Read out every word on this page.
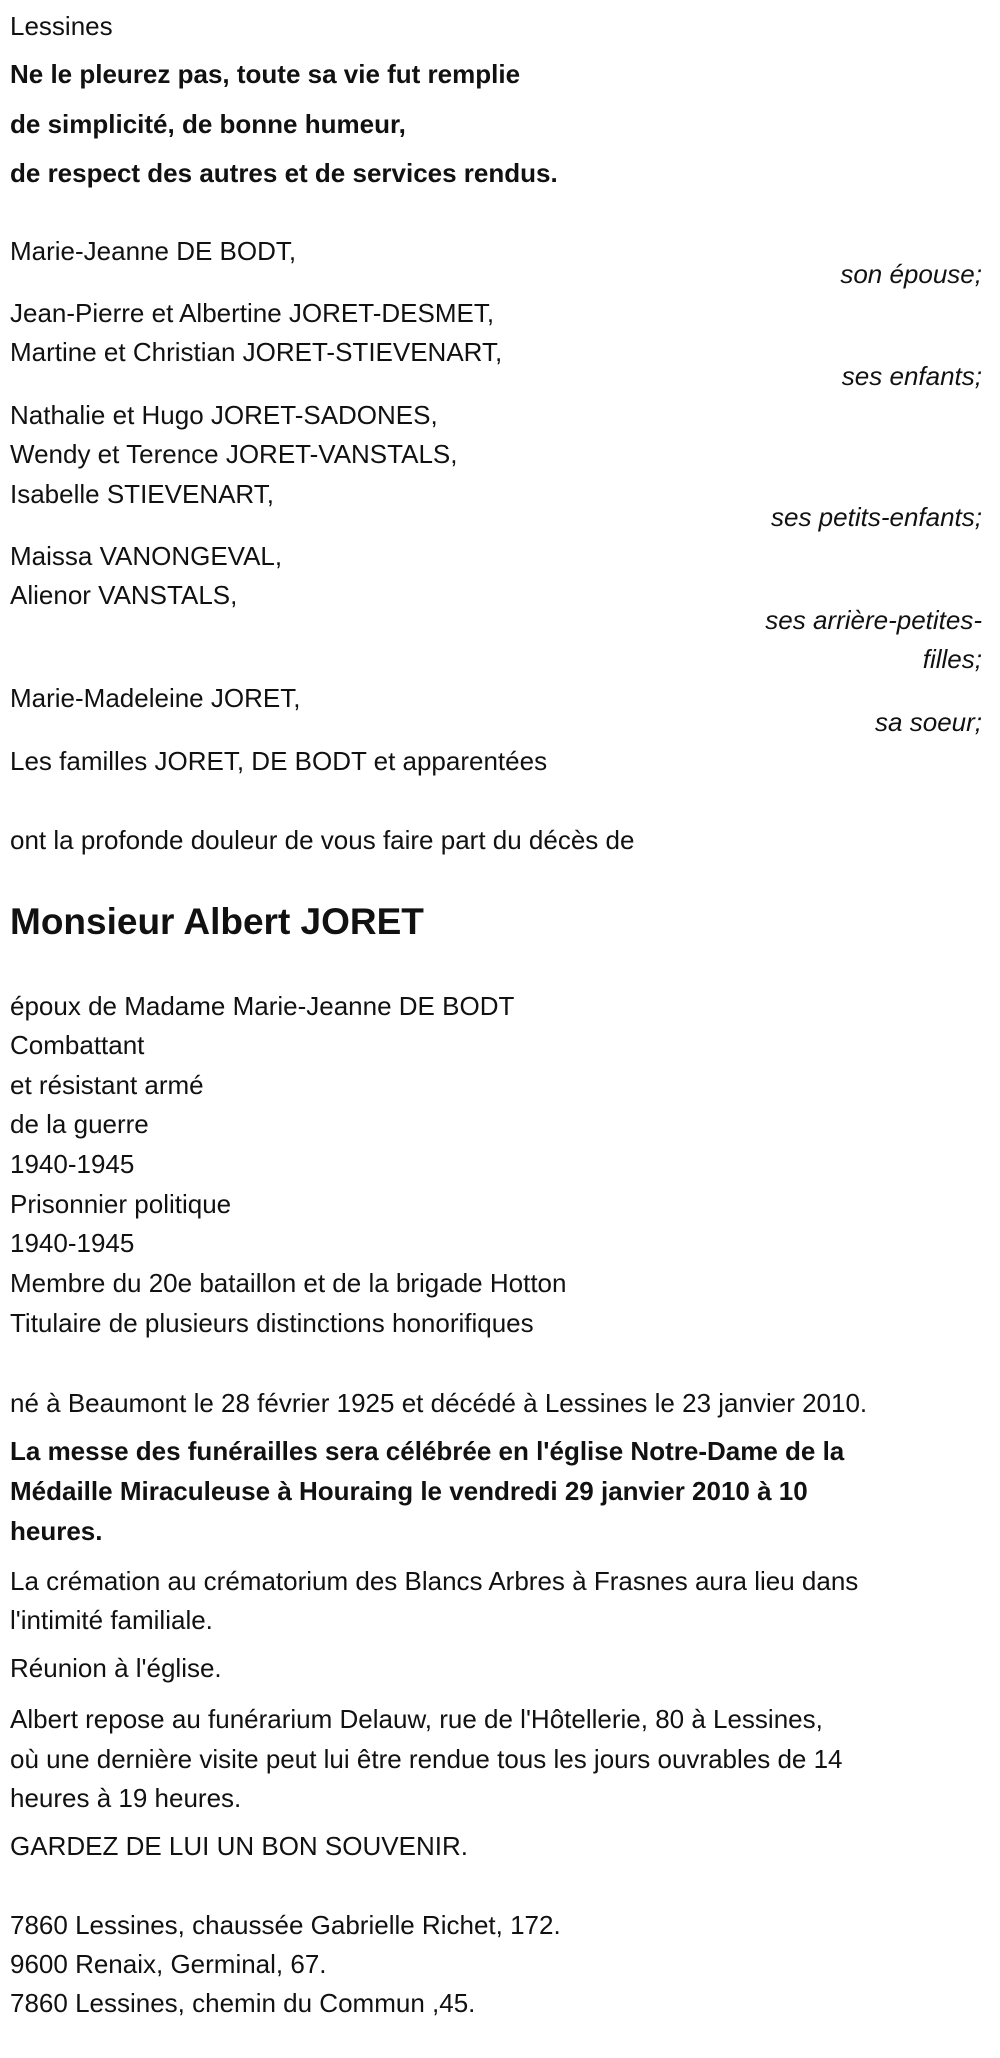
Lessines
Ne le pleurez pas, toute sa vie fut remplie
de simplicité, de bonne humeur,
de respect des autres et de services rendus.
Marie-Jeanne DE BODT,
son épouse;
Jean-Pierre et Albertine JORET-DESMET,
Martine et Christian JORET-STIEVENART,
ses enfants;
Nathalie et Hugo JORET-SADONES,
Wendy et Terence JORET-VANSTALS,
Isabelle STIEVENART,
ses petits-enfants;
Maissa VANONGEVAL,
Alienor VANSTALS,
ses arrière-petites-
filles;
Marie-Madeleine JORET,
sa soeur;
Les familles JORET, DE BODT et apparentées
ont la profonde douleur de vous faire part du décès de
Monsieur Albert JORET
époux de Madame Marie-Jeanne DE BODT
Combattant
et résistant armé
de la guerre
1940-1945
Prisonnier politique
1940-1945
Membre du 20e bataillon et de la brigade Hotton
Titulaire de plusieurs distinctions honorifiques
né à Beaumont le 28 février 1925 et décédé à Lessines le 23 janvier 2010.
La messe des funérailles sera célébrée en l'église Notre-Dame de la
Médaille Miraculeuse à Houraing le vendredi 29 janvier 2010 à 10
heures.
La crémation au crématorium des Blancs Arbres à Frasnes aura lieu dans
l'intimité familiale.
Réunion à l'église.
Albert repose au funérarium Delauw, rue de l'Hôtellerie, 80 à Lessines,
où une dernière visite peut lui être rendue tous les jours ouvrables de 14
heures à 19 heures.
GARDEZ DE LUI UN BON SOUVENIR.
7860 Lessines, chaussée Gabrielle Richet, 172.
9600 Renaix, Germinal, 67.
7860 Lessines, chemin du Commun ,45.
